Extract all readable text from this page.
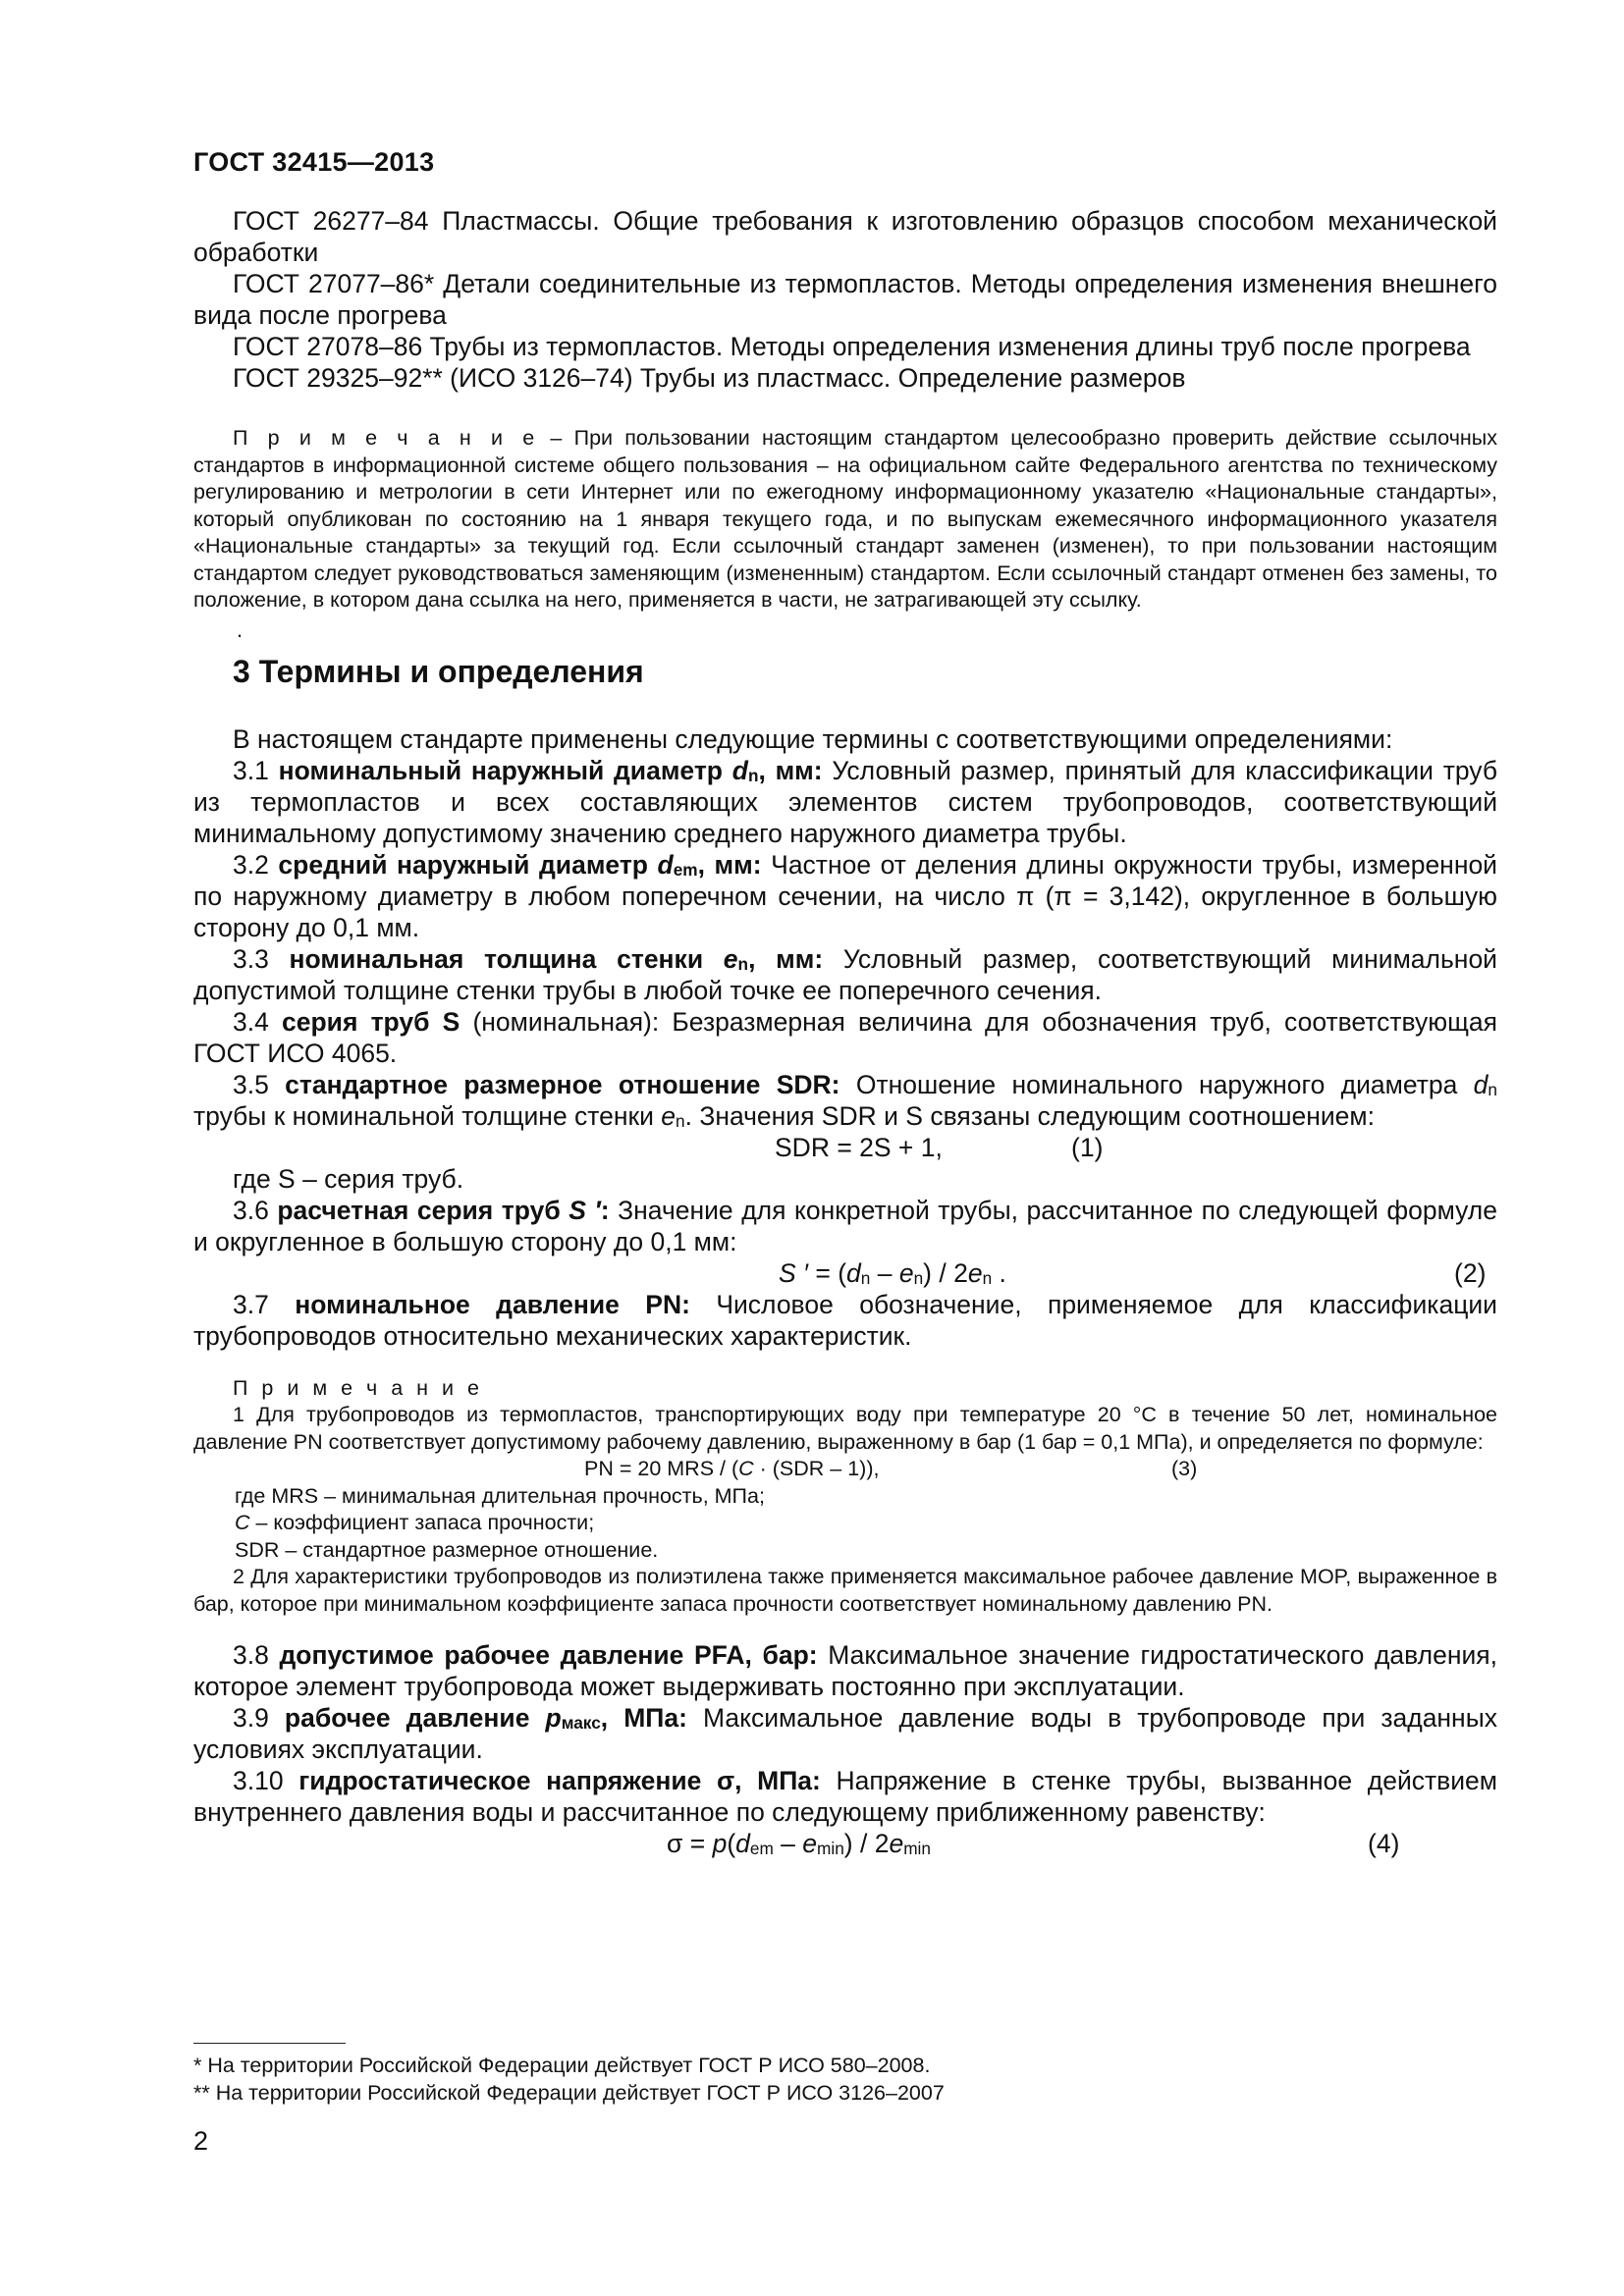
ГОСТ 32415—2013

ГОСТ 26277–84 Пластмассы. Общие требования к изготовлению образцов способом механической обработки

ГОСТ 27077–86* Детали соединительные из термопластов. Методы определения изменения внешнего вида после прогрева

ГОСТ 27078–86 Трубы из термопластов. Методы определения изменения длины труб после прогрева

ГОСТ 29325–92** (ИСО 3126–74) Трубы из пластмасс. Определение размеров

П р и м е ч а н и е – При пользовании настоящим стандартом целесообразно проверить действие ссылочных стандартов в информационной системе общего пользования – на официальном сайте Федерального агентства по техническому регулированию и метрологии в сети Интернет или по ежегодному информационному указателю «Национальные стандарты», который опубликован по состоянию на 1 января текущего года, и по выпускам ежемесячного информационного указателя «Национальные стандарты» за текущий год. Если ссылочный стандарт заменен (изменен), то при пользовании настоящим стандартом следует руководствоваться заменяющим (измененным) стандартом. Если ссылочный стандарт отменен без замены, то положение, в котором дана ссылка на него, применяется в части, не затрагивающей эту ссылку.

.
3 Термины и определения

В настоящем стандарте применены следующие термины с соответствующими определениями:

3.1 номинальный наружный диаметр $d_n$, мм: Условный размер, принятый для классификации труб из термопластов и всех составляющих элементов систем трубопроводов, соответствующий минимальному допустимому значению среднего наружного диаметра трубы.

3.2 средний наружный диаметр $d_{em}$, мм: Частное от деления длины окружности трубы, измеренной по наружному диаметру в любом поперечном сечении, на число π (π = 3,142), округленное в большую сторону до 0,1 мм.

3.3 номинальная толщина стенки $e_n$, мм: Условный размер, соответствующий минимальной допустимой толщине стенки трубы в любой точке ее поперечного сечения.

3.4 серия труб S (номинальная): Безразмерная величина для обозначения труб, соответствующая ГОСТ ИСО 4065.

3.5 стандартное размерное отношение SDR: Отношение номинального наружного диаметра $d_n$ трубы к номинальной толщине стенки $e_n$. Значения SDR и S связаны следующим соотношением:

SDR = 2S + 1,	(1)

где S – серия труб.

3.6 расчетная серия труб S ′: Значение для конкретной трубы, рассчитанное по следующей формуле и округленное в большую сторону до 0,1 мм:

S ′ = $(d_n - e_n) / 2e_n$ .	(2)

3.7 номинальное давление PN: Числовое обозначение, применяемое для классификации трубопроводов относительно механических характеристик.

П р и м е ч а н и е

1 Для трубопроводов из термопластов, транспортирующих воду при температуре 20 °С в течение 50 лет, номинальное давление PN соответствует допустимому рабочему давлению, выраженному в бар (1 бар = 0,1 МПа), и определяется по формуле:

PN = 20 MRS / (C · (SDR – 1)),	(3)

где MRS – минимальная длительная прочность, МПа;

C – коэффициент запаса прочности;

SDR – стандартное размерное отношение.

2 Для характеристики трубопроводов из полиэтилена также применяется максимальное рабочее давление MOP, выраженное в бар, которое при минимальном коэффициенте запаса прочности соответствует номинальному давлению PN.

3.8 допустимое рабочее давление PFA, бар: Максимальное значение гидростатического давления, которое элемент трубопровода может выдерживать постоянно при эксплуатации.

3.9 рабочее давление $p_{макс}$, МПа: Максимальное давление воды в трубопроводе при заданных условиях эксплуатации.

3.10 гидростатическое напряжение σ, МПа: Напряжение в стенке трубы, вызванное действием внутреннего давления воды и рассчитанное по следующему приближенному равенству:

$\sigma = p(d_{em} - e_{min}) / 2e_{min}$	(4)

* На территории Российской Федерации действует ГОСТ Р ИСО 580–2008.

** На территории Российской Федерации действует ГОСТ Р ИСО 3126–2007

2
